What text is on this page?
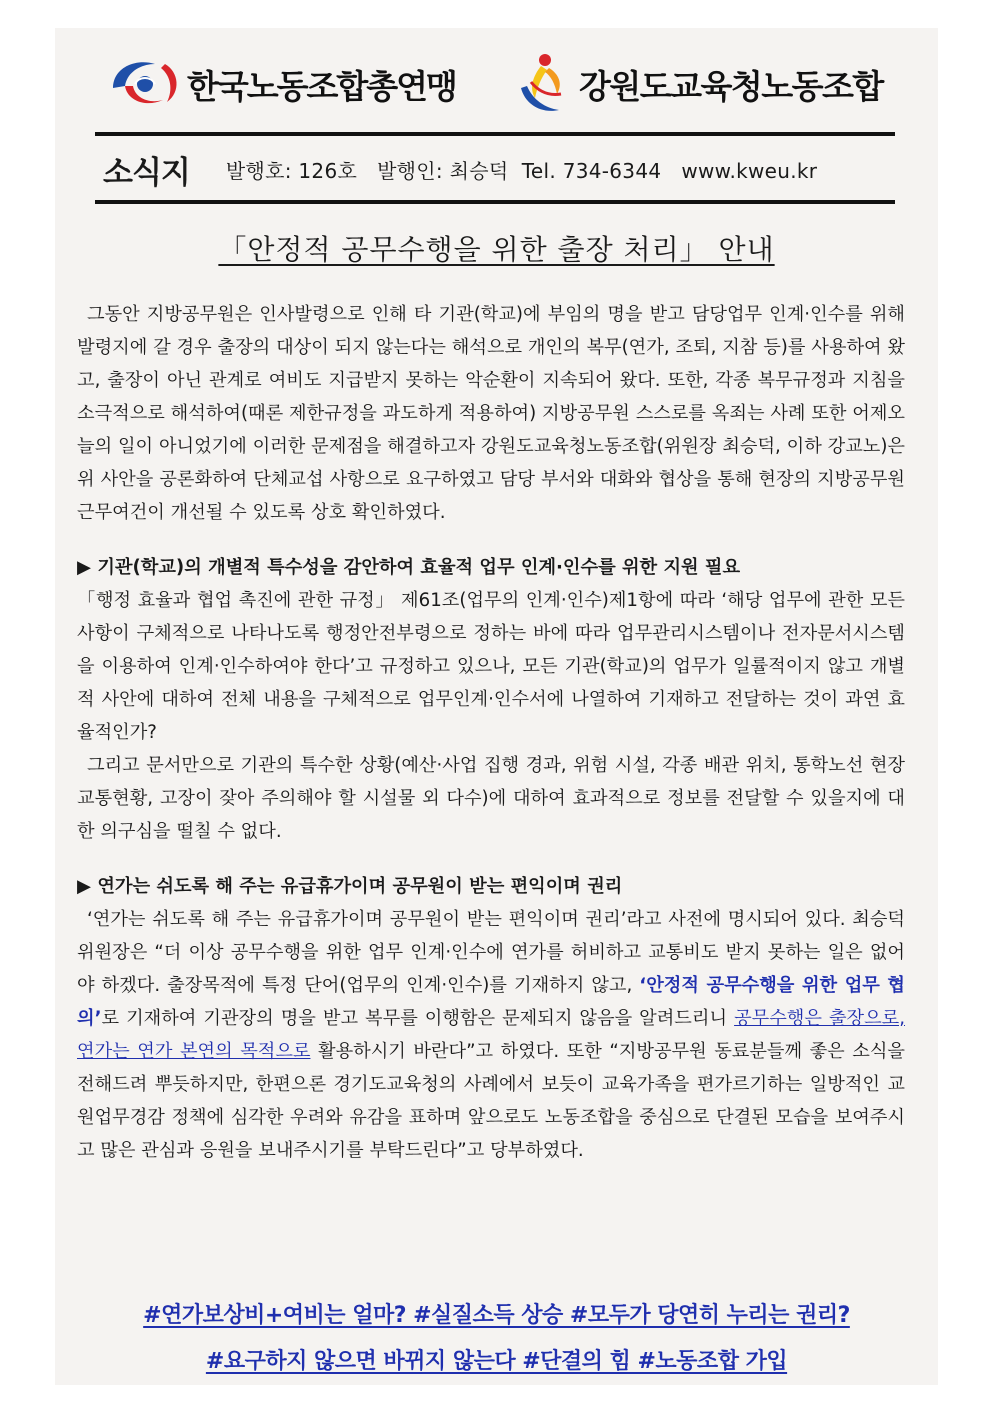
한국노동조합총연맹	강원도교육청노동조합
소식지 발행호: 126호   발행인: 최승덕  Tel. 734-6344   www.kweu.kr
「안정적 공무수행을 위한 출장 처리」 안내

그동안 지방공무원은 인사발령으로 인해 타 기관(학교)에 부임의 명을 받고 담당업무 인계·인수를 위해 발령지에 갈 경우 출장의 대상이 되지 않는다는 해석으로 개인의 복무(연가, 조퇴, 지참 등)를 사용하여 왔고, 출장이 아닌 관계로 여비도 지급받지 못하는 악순환이 지속되어 왔다. 또한, 각종 복무규정과 지침을 소극적으로 해석하여(때론 제한규정을 과도하게 적용하여) 지방공무원 스스로를 옥죄는 사례 또한 어제오늘의 일이 아니었기에 이러한 문제점을 해결하고자 강원도교육청노동조합(위원장 최승덕, 이하 강교노)은 위 사안을 공론화하여 단체교섭 사항으로 요구하였고 담당 부서와 대화와 협상을 통해 현장의 지방공무원 근무여건이 개선될 수 있도록 상호 확인하였다.

▶ 기관(학교)의 개별적 특수성을 감안하여 효율적 업무 인계·인수를 위한 지원 필요

「행정 효율과 협업 촉진에 관한 규정」 제61조(업무의 인계·인수)제1항에 따라 ‘해당 업무에 관한 모든 사항이 구체적으로 나타나도록 행정안전부령으로 정하는 바에 따라 업무관리시스템이나 전자문서시스템을 이용하여 인계·인수하여야 한다’고 규정하고 있으나, 모든 기관(학교)의 업무가 일률적이지 않고 개별적 사안에 대하여 전체 내용을 구체적으로 업무인계·인수서에 나열하여 기재하고 전달하는 것이 과연 효율적인가?

그리고 문서만으로 기관의 특수한 상황(예산·사업 집행 경과, 위험 시설, 각종 배관 위치, 통학노선 현장 교통현황, 고장이 잦아 주의해야 할 시설물 외 다수)에 대하여 효과적으로 정보를 전달할 수 있을지에 대한 의구심을 떨칠 수 없다.

▶ 연가는 쉬도록 해 주는 유급휴가이며 공무원이 받는 편익이며 권리

‘연가는 쉬도록 해 주는 유급휴가이며 공무원이 받는 편익이며 권리’라고 사전에 명시되어 있다. 최승덕 위원장은 “더 이상 공무수행을 위한 업무 인계·인수에 연가를 허비하고 교통비도 받지 못하는 일은 없어야 하겠다. 출장목적에 특정 단어(업무의 인계·인수)를 기재하지 않고, ‘안정적 공무수행을 위한 업무 협의’로 기재하여 기관장의 명을 받고 복무를 이행함은 문제되지 않음을 알려드리니 공무수행은 출장으로, 연가는 연가 본연의 목적으로 활용하시기 바란다”고 하였다. 또한 “지방공무원 동료분들께 좋은 소식을 전해드려 뿌듯하지만, 한편으론 경기도교육청의 사례에서 보듯이 교육가족을 편가르기하는 일방적인 교원업무경감 정책에 심각한 우려와 유감을 표하며 앞으로도 노동조합을 중심으로 단결된 모습을 보여주시고 많은 관심과 응원을 보내주시기를 부탁드린다”고 당부하였다.

#연가보상비+여비는 얼마? #실질소득 상승 #모두가 당연히 누리는 권리?
#요구하지 않으면 바뀌지 않는다 #단결의 힘 #노동조합 가입
